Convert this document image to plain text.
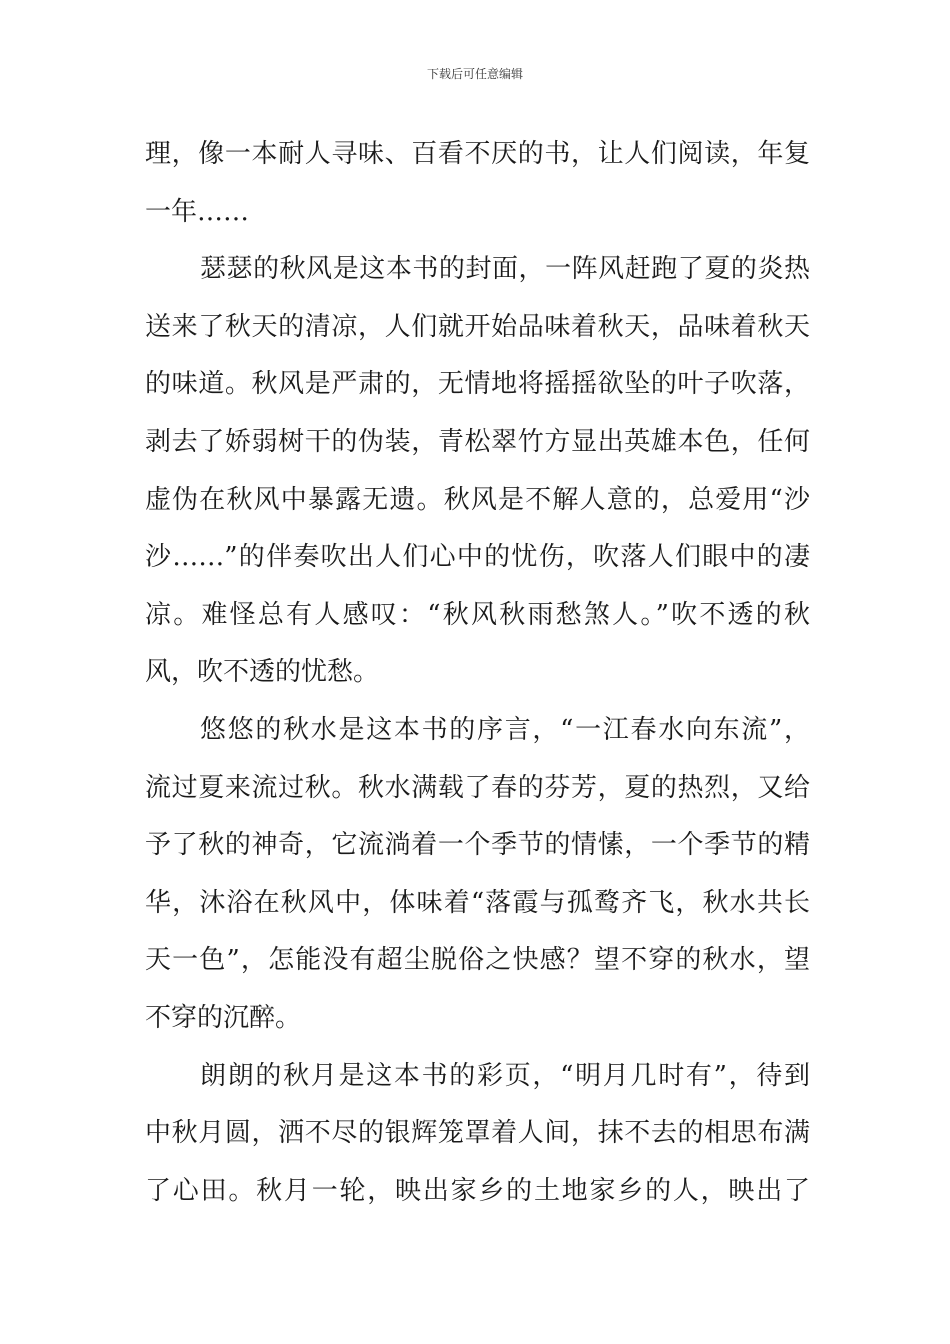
下载后可任意编辑
理，像一本耐人寻味、百看不厌的书，让人们阅读，年复
一年……
瑟瑟的秋风是这本书的封面，一阵风赶跑了夏的炎热
送来了秋天的清凉，人们就开始品味着秋天，品味着秋天
的味道。秋风是严肃的，无情地将摇摇欲坠的叶子吹落，
剥去了娇弱树干的伪装，青松翠竹方显出英雄本色，任何
虚伪在秋风中暴露无遗。秋风是不解人意的，总爱用“沙
沙……”的伴奏吹出人们心中的忧伤，吹落人们眼中的凄
凉。难怪总有人感叹：“秋风秋雨愁煞人。”吹不透的秋
风，吹不透的忧愁。
悠悠的秋水是这本书的序言，“一江春水向东流”，
流过夏来流过秋。秋水满载了春的芬芳，夏的热烈，又给
予了秋的神奇，它流淌着一个季节的情愫，一个季节的精
华，沐浴在秋风中，体味着“落霞与孤鹜齐飞，秋水共长
天一色”，怎能没有超尘脱俗之快感？望不穿的秋水，望
不穿的沉醉。
朗朗的秋月是这本书的彩页，“明月几时有”，待到
中秋月圆，洒不尽的银辉笼罩着人间，抹不去的相思布满
了心田。秋月一轮，映出家乡的土地家乡的人，映出了
